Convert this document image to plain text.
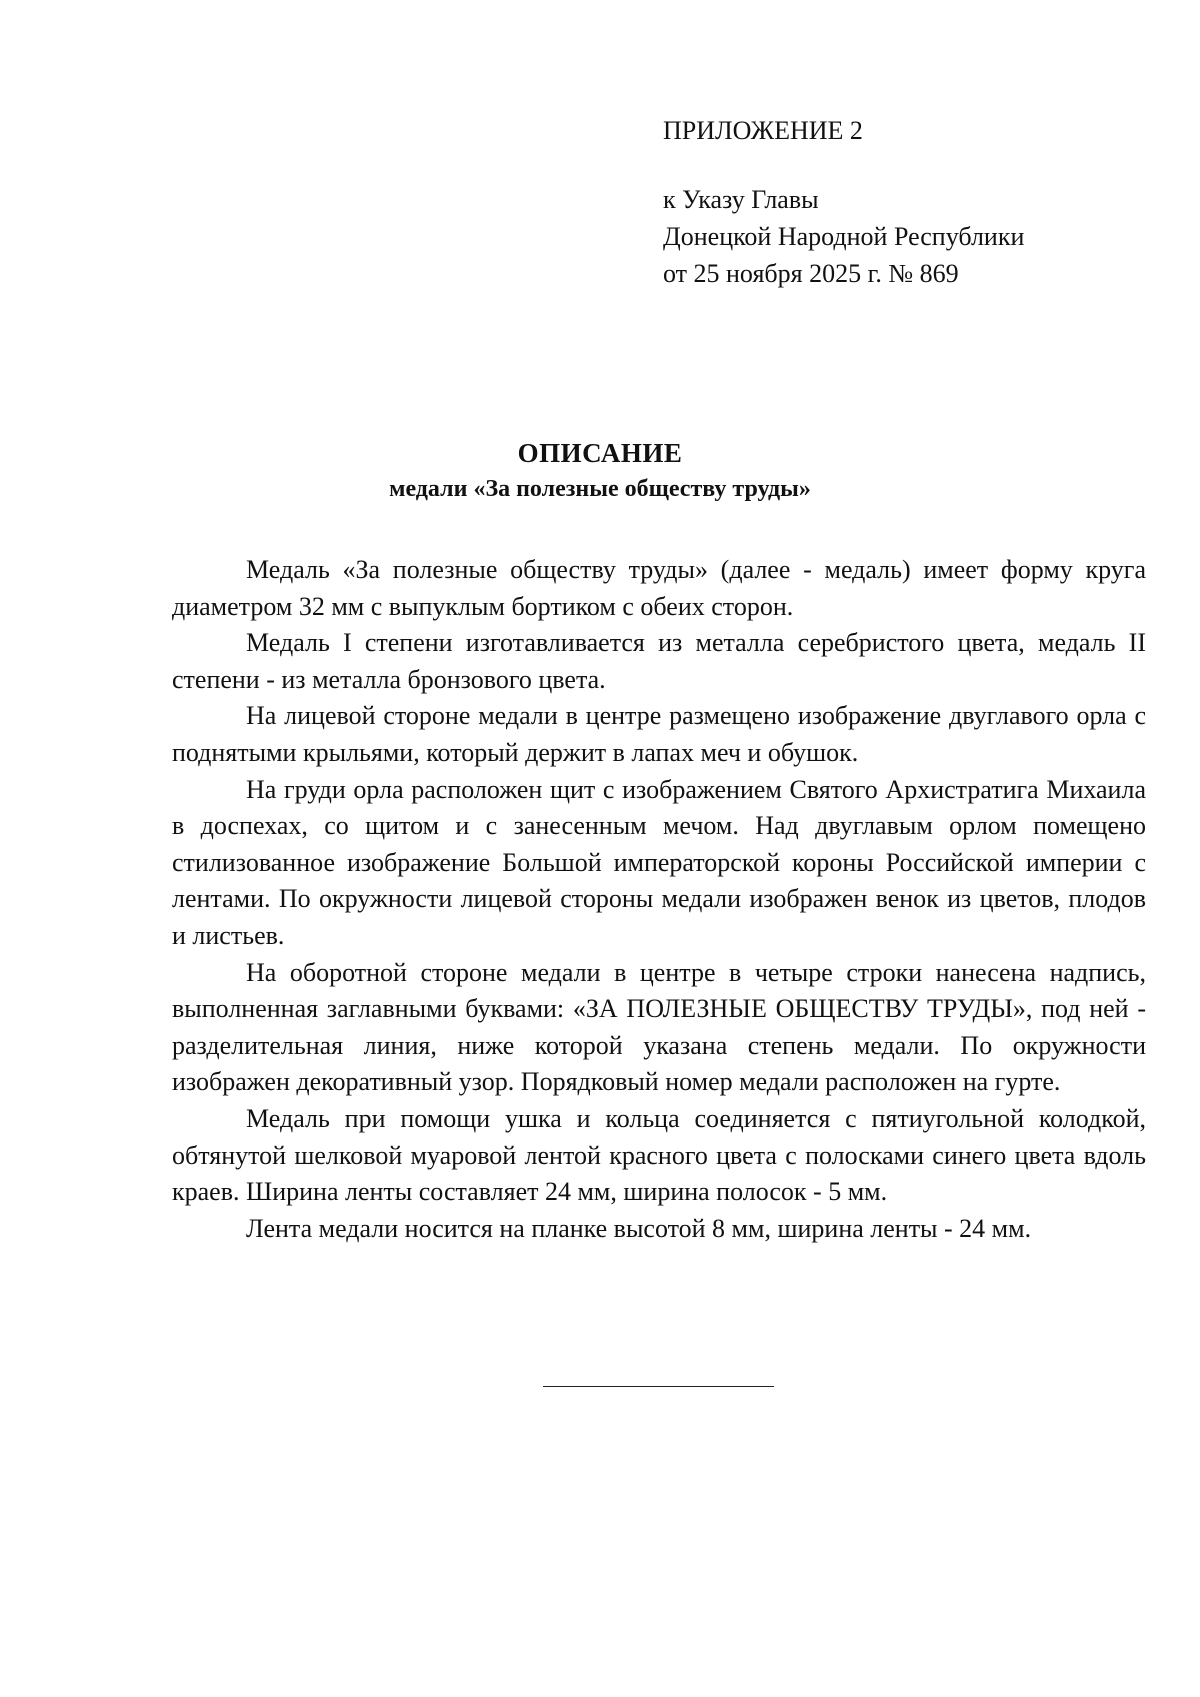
ПРИЛОЖЕНИЕ 2
к Указу Главы
Донецкой Народной Республики
от 25 ноября 2025 г. № 869
ОПИСАНИЕ
медали «За полезные обществу труды»

Медаль «За полезные обществу труды» (далее - медаль) имеет форму круга диаметром 32 мм с выпуклым бортиком с обеих сторон.

Медаль I степени изготавливается из металла серебристого цвета, медаль II степени - из металла бронзового цвета.

На лицевой стороне медали в центре размещено изображение двуглавого орла с поднятыми крыльями, который держит в лапах меч и обушок.

На груди орла расположен щит с изображением Святого Архистратига Михаила в доспехах, со щитом и с занесенным мечом. Над двуглавым орлом помещено стилизованное изображение Большой императорской короны Российской империи с лентами. По окружности лицевой стороны медали изображен венок из цветов, плодов и листьев.

На оборотной стороне медали в центре в четыре строки нанесена надпись, выполненная заглавными буквами: «ЗА ПОЛЕЗНЫЕ ОБЩЕСТВУ ТРУДЫ», под ней - разделительная линия, ниже которой указана степень медали. По окружности изображен декоративный узор. Порядковый номер медали расположен на гурте.

Медаль при помощи ушка и кольца соединяется с пятиугольной колодкой, обтянутой шелковой муаровой лентой красного цвета с полосками синего цвета вдоль краев. Ширина ленты составляет 24 мм, ширина полосок - 5 мм.

Лента медали носится на планке высотой 8 мм, ширина ленты - 24 мм.
